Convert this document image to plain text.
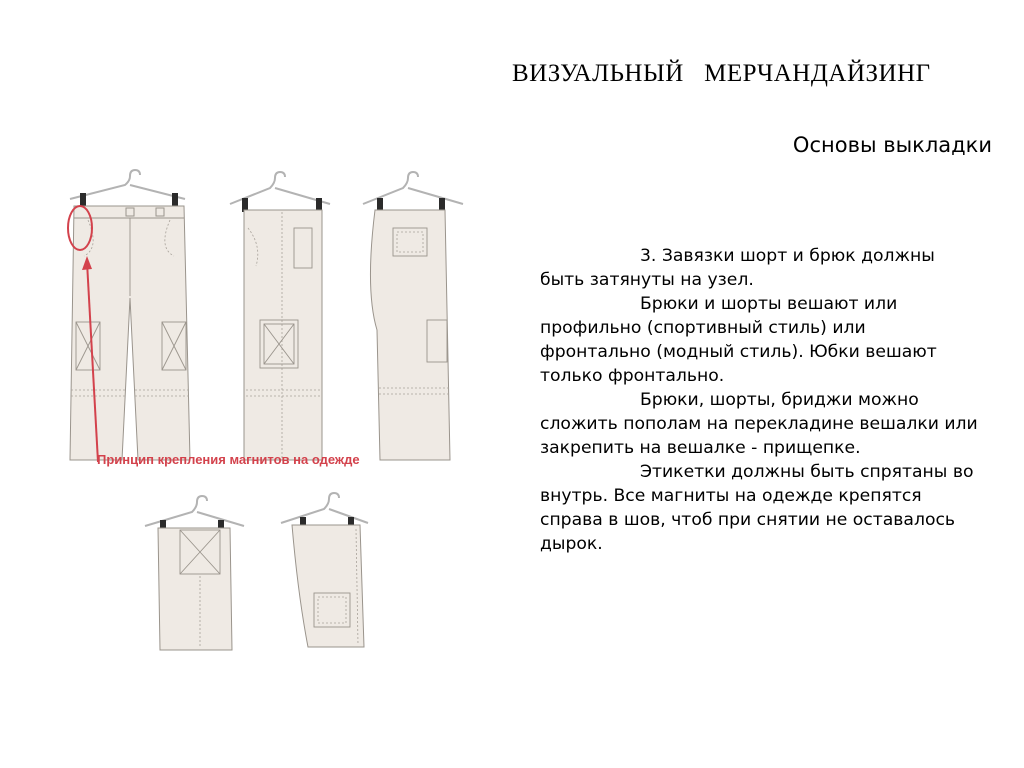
ВИЗУАЛЬНЫЙ   МЕРЧАНДАЙЗИНГ
Основы выкладки
Принцип крепления магнитов на одежде

3. Завязки шорт и брюк должны быть затянуты на узел.

Брюки и шорты вешают или профильно (спортивный стиль) или фронтально (модный стиль). Юбки вешают только фронтально.

Брюки, шорты, бриджи можно сложить пополам на перекладине вешалки или закрепить на вешалке - прищепке.

Этикетки должны быть спрятаны во внутрь. Все магниты на одежде крепятся справа в шов, чтоб при снятии не оставалось дырок.
